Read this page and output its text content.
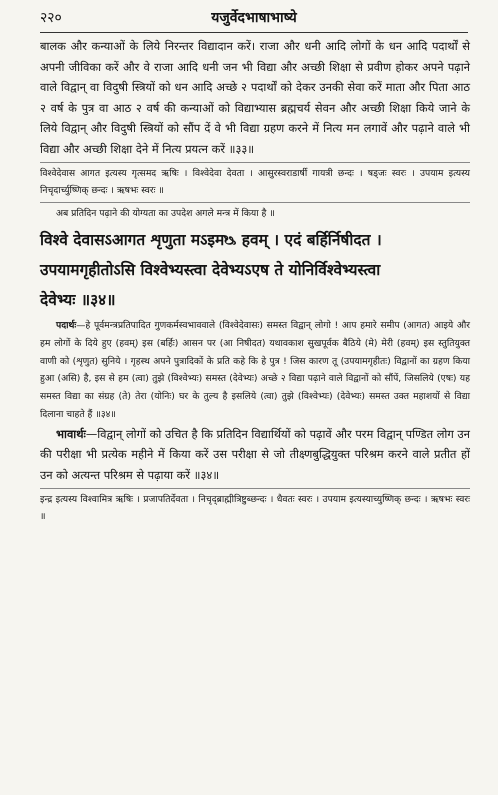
२२०	यजुर्वेदभाषाभाष्ये

बालक और कन्याओं के लिये निरन्तर विद्यादान करें। राजा और धनी आदि लोगों के धन आदि पदार्थों से अपनी जीविका करें और वे राजा आदि धनी जन भी विद्या और अच्छी शिक्षा से प्रवीण होकर अपने पढ़ाने वाले विद्वान् वा विदुषी स्त्रियों को धन आदि अच्छे २ पदार्थों को देकर उनकी सेवा करें माता और पिता आठ २ वर्ष के पुत्र वा आठ २ वर्ष की कन्याओं को विद्याभ्यास ब्रह्मचर्य सेवन और अच्छी शिक्षा किये जाने के लिये विद्वान् और विदुषी स्त्रियों को सौंप दें वे भी विद्या ग्रहण करने में नित्य मन लगावें और पढ़ाने वाले भी विद्या और अच्छी शिक्षा देने में नित्य प्रयत्न करें ॥३३॥

विश्वेदेवास आगत इत्यस्य गृत्समद ऋषिः । विश्वेदेवा देवता । आसुरस्वराडार्षी गायत्री छन्दः । षड्जः स्वरः । उपयाम इत्यस्य निचृदार्च्युष्णिक् छन्दः । ऋषभः स्वरः ॥

अब प्रतिदिन पढ़ाने की योग्यता का उपदेश अगले मन्त्र में किया है ॥

विश्वे देवासऽआगत शृणुता मऽइमᳬ हवम् । एदं बर्हिर्निषीदत ।
उपयामगृहीतोऽसि विश्वेभ्यस्त्वा देवेभ्यऽएष ते योनिर्विश्वेभ्यस्त्वा
देवेभ्यः ॥३४॥

पदार्थः—हे पूर्वमन्त्रप्रतिपादित गुणकर्मस्वभाववाले (विश्वेदेवासः) समस्त विद्वान् लोगो ! आप हमारे समीप (आगत) आइये और हम लोगों के दिये हुए (हवम्) इस (बर्हिः) आसन पर (आ निषीदत) यथावकाश सुखपूर्वक बैठिये (मे) मेरी (हवम्) इस स्तुतियुक्त वाणी को (शृणुत) सुनिये । गृहस्थ अपने पुत्रादिकों के प्रति कहे कि हे पुत्र ! जिस कारण तू (उपयामगृहीतः) विद्वानों का ग्रहण किया हुआ (असि) है, इस से हम (त्वा) तुझे (विश्वेभ्यः) समस्त (देवेभ्यः) अच्छे २ विद्या पढ़ाने वाले विद्वानों को सौंपें, जिसलिये (एषः) यह समस्त विद्या का संग्रह (ते) तेरा (योनिः) घर के तुल्य है इसलिये (त्वा) तुझे (विश्वेभ्यः) (देवेभ्यः) समस्त उक्त महाशयों से विद्या दिलाना चाहते हैं ॥३४॥

भावार्थः—विद्वान् लोगों को उचित है कि प्रतिदिन विद्यार्थियों को पढ़ावें और परम विद्वान् पण्डित लोग उन की परीक्षा भी प्रत्येक महीने में किया करें उस परीक्षा से जो तीक्ष्णबुद्धियुक्त परिश्रम करने वाले प्रतीत हों उन को अत्यन्त परिश्रम से पढ़ाया करें ॥३४॥

इन्द्र इत्यस्य विश्वामित्र ऋषिः । प्रजापतिर्देवता । निचृद्ब्राह्मीत्रिष्टुब्छन्दः । धैवतः स्वरः । उपयाम इत्यस्याच्युष्णिक् छन्दः । ऋषभः स्वरः ॥
